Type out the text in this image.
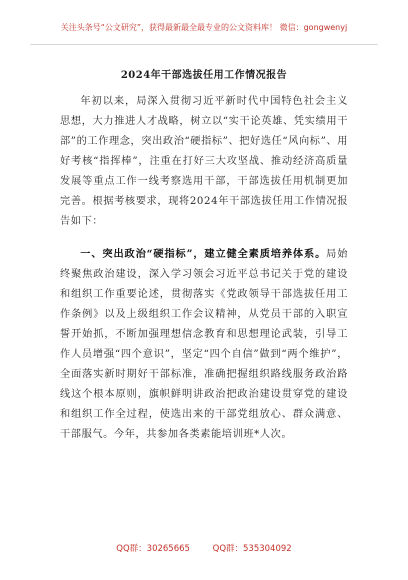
关注头条号“公文研究”，获得最新最全最专业的公文资料库！ 微信：gongwenyj
2024年干部选拔任用工作情况报告
年初以来，局深入贯彻习近平新时代中国特色社会主义思想，大力推进人才战略，树立以“实干论英雄、凭实绩用干部”的工作理念，突出政治“硬指标”、把好选任“风向标”、用好考核“指挥棒”，注重在打好三大攻坚战、推动经济高质量发展等重点工作一线考察选用干部，干部选拔任用机制更加完善。根据考核要求，现将2024年干部选拔任用工作情况报告如下：
一、突出政治“硬指标”，建立健全素质培养体系。局始终聚焦政治建设，深入学习领会习近平总书记关于党的建设和组织工作重要论述，贯彻落实《党政领导干部选拔任用工作条例》以及上级组织工作会议精神，从党员干部的入职宣誓开始抓，不断加强理想信念教育和思想理论武装，引导工作人员增强“四个意识”，坚定“四个自信”做到“两个维护”，全面落实新时期好干部标准，准确把握组织路线服务政治路线这个根本原则，旗帜鲜明讲政治把政治建设贯穿党的建设和组织工作全过程，使选出来的干部党组放心、群众满意、干部服气。今年，共参加各类素能培训班*人次。
QQ群：30265665	QQ群：535304092
